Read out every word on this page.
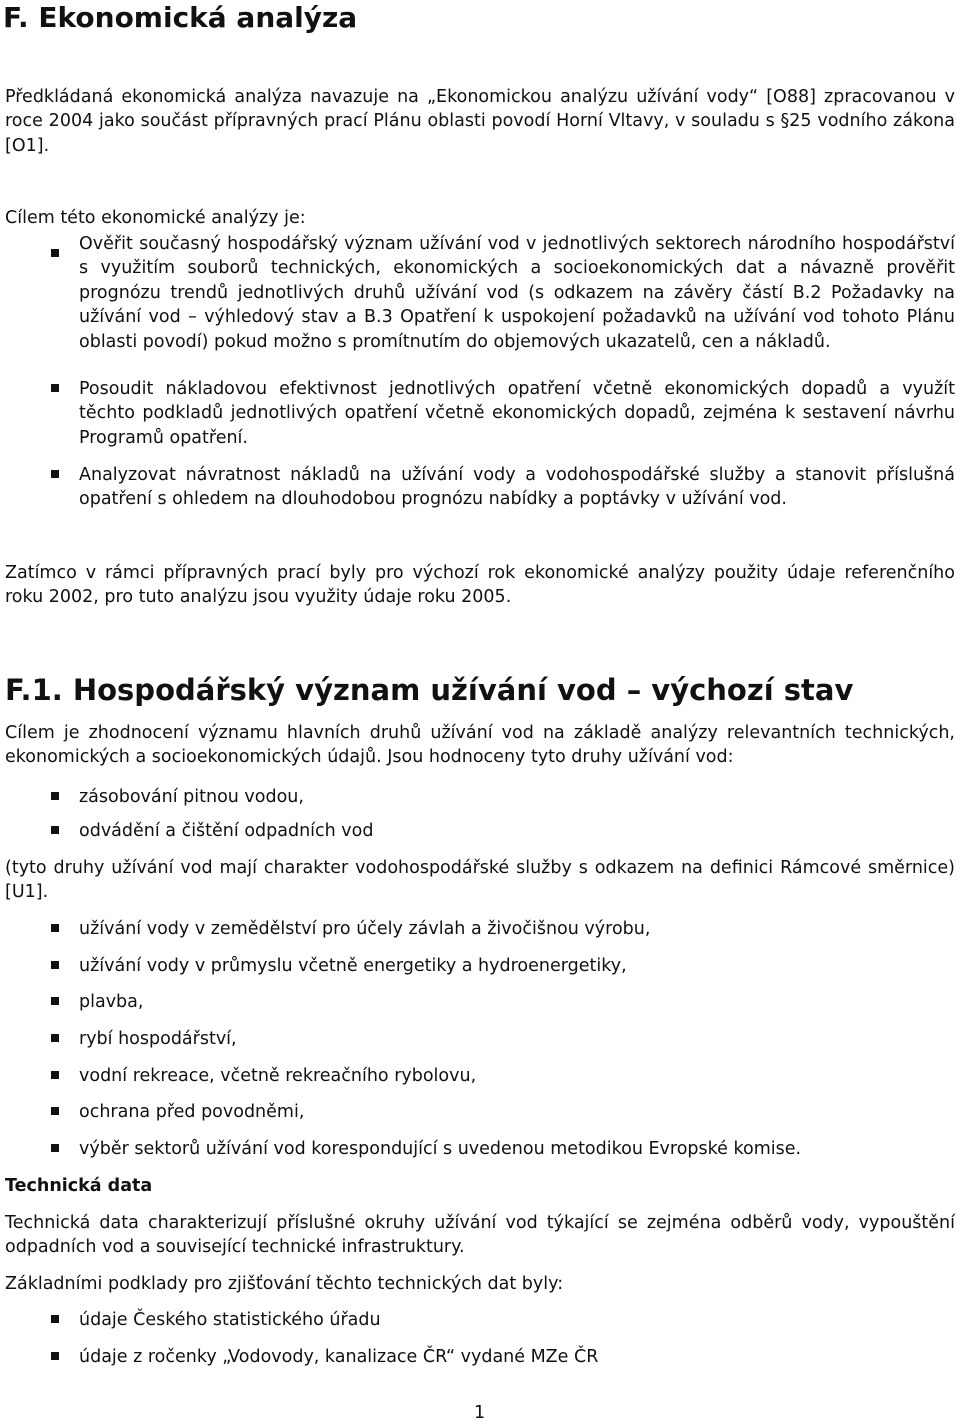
F. Ekonomická analýza

Předkládaná ekonomická analýza navazuje na „Ekonomickou analýzu užívání vody“ [O88] zpracovanou v roce 2004 jako součást přípravných prací Plánu oblasti povodí Horní Vltavy, v souladu s §25 vodního zákona [O1].

Cílem této ekonomické analýzy je:

Ověřit současný hospodářský význam užívání vod v jednotlivých sektorech národního hospodářství s využitím souborů technických, ekonomických a socioekonomických dat a návazně prověřit prognózu trendů jednotlivých druhů užívání vod (s odkazem na závěry částí B.2 Požadavky na užívání vod – výhledový stav a B.3 Opatření k uspokojení požadavků na užívání vod tohoto Plánu oblasti povodí) pokud možno s promítnutím do objemových ukazatelů, cen a nákladů.

Posoudit nákladovou efektivnost jednotlivých opatření včetně ekonomických dopadů a využít těchto podkladů jednotlivých opatření včetně ekonomických dopadů, zejména k sestavení návrhu Programů opatření.

Analyzovat návratnost nákladů na užívání vody a vodohospodářské služby a stanovit příslušná opatření s ohledem na dlouhodobou prognózu nabídky a poptávky v užívání vod.

Zatímco v rámci přípravných prací byly pro výchozí rok ekonomické analýzy použity údaje referenčního roku 2002, pro tuto analýzu jsou využity údaje roku 2005.

F.1. Hospodářský význam užívání vod – výchozí stav

Cílem je zhodnocení významu hlavních druhů užívání vod na základě analýzy relevantních technických, ekonomických a socioekonomických údajů. Jsou hodnoceny tyto druhy užívání vod:

zásobování pitnou vodou,

odvádění a čištění odpadních vod

(tyto druhy užívání vod mají charakter vodohospodářské služby s odkazem na definici Rámcové směrnice) [U1].

užívání vody v zemědělství pro účely závlah a živočišnou výrobu,

užívání vody v průmyslu včetně energetiky a hydroenergetiky,

plavba,

rybí hospodářství,

vodní rekreace, včetně rekreačního rybolovu,

ochrana před povodněmi,

výběr sektorů užívání vod korespondující s uvedenou metodikou Evropské komise.

Technická data

Technická data charakterizují příslušné okruhy užívání vod týkající se zejména odběrů vody, vypouštění odpadních vod a související technické infrastruktury.

Základními podklady pro zjišťování těchto technických dat byly:

údaje Českého statistického úřadu

údaje z ročenky „Vodovody, kanalizace ČR“ vydané MZe ČR

1
